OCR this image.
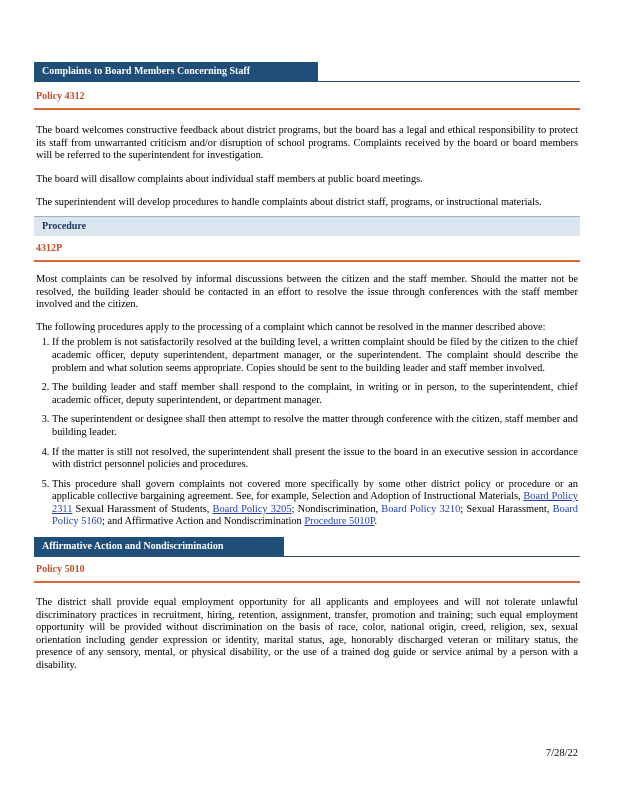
Complaints to Board Members Concerning Staff
Policy 4312

The board welcomes constructive feedback about district programs, but the board has a legal and ethical responsibility to protect its staff from unwarranted criticism and/or disruption of school programs. Complaints received by the board or board members will be referred to the superintendent for investigation.

The board will disallow complaints about individual staff members at public board meetings.

The superintendent will develop procedures to handle complaints about district staff, programs, or instructional materials.

Procedure
4312P

Most complaints can be resolved by informal discussions between the citizen and the staff member. Should the matter not be resolved, the building leader should be contacted in an effort to resolve the issue through conferences with the staff member involved and the citizen.

The following procedures apply to the processing of a complaint which cannot be resolved in the manner described above:

1. If the problem is not satisfactorily resolved at the building level, a written complaint should be filed by the citizen to the chief academic officer, deputy superintendent, department manager, or the superintendent. The complaint should describe the problem and what solution seems appropriate. Copies should be sent to the building leader and staff member involved.
2. The building leader and staff member shall respond to the complaint, in writing or in person, to the superintendent, chief academic officer, deputy superintendent, or department manager.
3. The superintendent or designee shall then attempt to resolve the matter through conference with the citizen, staff member and building leader.
4. If the matter is still not resolved, the superintendent shall present the issue to the board in an executive session in accordance with district personnel policies and procedures.
5. This procedure shall govern complaints not covered more specifically by some other district policy or procedure or an applicable collective bargaining agreement. See, for example, Selection and Adoption of Instructional Materials, Board Policy 2311 Sexual Harassment of Students, Board Policy 3205; Nondiscrimination, Board Policy 3210; Sexual Harassment, Board Policy 5160; and Affirmative Action and Nondiscrimination Procedure 5010P.
Affirmative Action and Nondiscrimination
Policy 5010

The district shall provide equal employment opportunity for all applicants and employees and will not tolerate unlawful discriminatory practices in recruitment, hiring, retention, assignment, transfer, promotion and training; such equal employment opportunity will be provided without discrimination on the basis of race, color, national origin, creed, religion, sex, sexual orientation including gender expression or identity, marital status, age, honorably discharged veteran or military status, the presence of any sensory, mental, or physical disability, or the use of a trained dog guide or service animal by a person with a disability.

7/28/22
